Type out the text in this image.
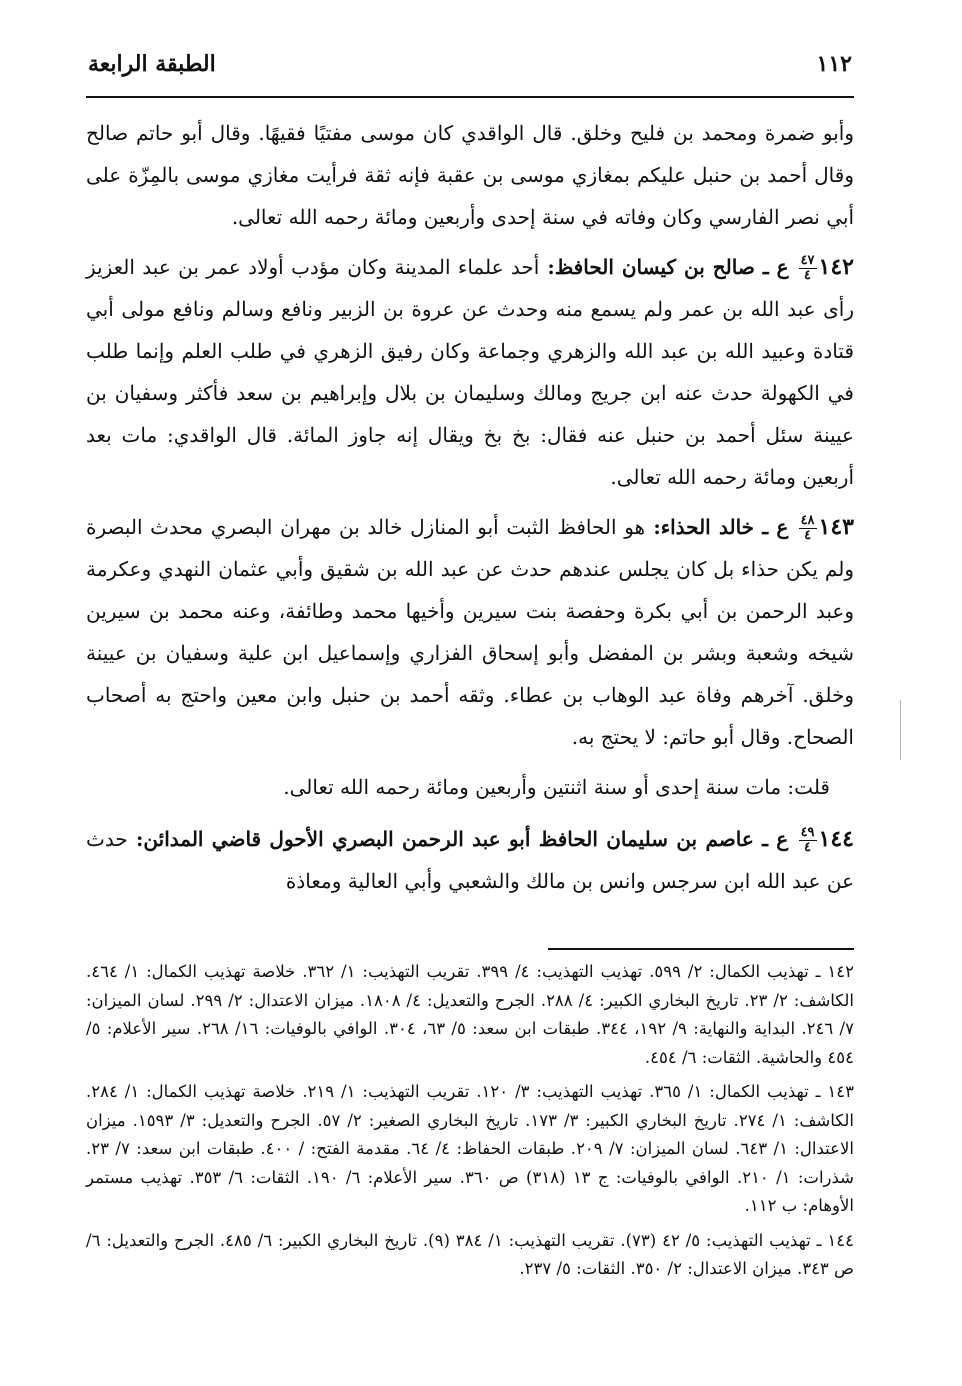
١١٢
الطبقة الرابعة

وأبو ضمرة ومحمد بن فليح وخلق. قال الواقدي كان موسى مفتيًا فقيهًا. وقال أبو حاتم صالح وقال أحمد بن حنبل عليكم بمغازي موسى بن عقبة فإنه ثقة فرأيت مغازي موسى بالمِزّة على أبي نصر الفارسي وكان وفاته في سنة إحدى وأربعين ومائة رحمه الله تعالى.

١٤٢
$\frac{٤٧}{٤}$
ع ـ صالح بن كيسان الحافظ: أحد علماء المدينة وكان مؤدب أولاد عمر بن عبد العزيز رأى عبد الله بن عمر ولم يسمع منه وحدث عن عروة بن الزبير ونافع وسالم ونافع مولى أبي قتادة وعبيد الله بن عبد الله والزهري وجماعة وكان رفيق الزهري في طلب العلم وإنما طلب في الكهولة حدث عنه ابن جريج ومالك وسليمان بن بلال وإبراهيم بن سعد فأكثر وسفيان بن عيينة سئل أحمد بن حنبل عنه فقال: بخ بخ ويقال إنه جاوز المائة. قال الواقدي: مات بعد أربعين ومائة رحمه الله تعالى.

١٤٣
$\frac{٤٨}{٤}$
ع ـ خالد الحذاء: هو الحافظ الثبت أبو المنازل خالد بن مهران البصري محدث البصرة ولم يكن حذاء بل كان يجلس عندهم حدث عن عبد الله بن شقيق وأبي عثمان النهدي وعكرمة وعبد الرحمن بن أبي بكرة وحفصة بنت سيرين وأخيها محمد وطائفة، وعنه محمد بن سيرين شيخه وشعبة وبشر بن المفضل وأبو إسحاق الفزاري وإسماعيل ابن علية وسفيان بن عيينة وخلق. آخرهم وفاة عبد الوهاب بن عطاء. وثقه أحمد بن حنبل وابن معين واحتج به أصحاب الصحاح. وقال أبو حاتم: لا يحتج به.

قلت: مات سنة إحدى أو سنة اثنتين وأربعين ومائة رحمه الله تعالى.

١٤٤
$\frac{٤٩}{٤}$
ع ـ عاصم بن سليمان الحافظ أبو عبد الرحمن البصري الأحول قاضي المدائن: حدث عن عبد الله ابن سرجس وانس بن مالك والشعبي وأبي العالية ومعاذة

١٤٢ ـ تهذيب الكمال: ٢/ ٥٩٩. تهذيب التهذيب: ٤/ ٣٩٩. تقريب التهذيب: ١/ ٣٦٢. خلاصة تهذيب الكمال: ١/ ٤٦٤. الكاشف: ٢/ ٢٣. تاريخ البخاري الكبير: ٤/ ٢٨٨. الجرح والتعديل: ٤/ ١٨٠٨. ميزان الاعتدال: ٢/ ٢٩٩. لسان الميزان: ٧/ ٢٤٦. البداية والنهاية: ٩/ ١٩٢، ٣٤٤. طبقات ابن سعد: ٥/ ٦٣، ٣٠٤. الوافي بالوفيات: ١٦/ ٢٦٨. سير الأعلام: ٥/ ٤٥٤ والحاشية. الثقات: ٦/ ٤٥٤.

١٤٣ ـ تهذيب الكمال: ١/ ٣٦٥. تهذيب التهذيب: ٣/ ١٢٠. تقريب التهذيب: ١/ ٢١٩. خلاصة تهذيب الكمال: ١/ ٢٨٤. الكاشف: ١/ ٢٧٤. تاريخ البخاري الكبير: ٣/ ١٧٣. تاريخ البخاري الصغير: ٢/ ٥٧. الجرح والتعديل: ٣/ ١٥٩٣. ميزان الاعتدال: ١/ ٦٤٣. لسان الميزان: ٧/ ٢٠٩. طبقات الحفاظ: ٤/ ٦٤. مقدمة الفتح: / ٤٠٠. طبقات ابن سعد: ٧/ ٢٣. شذرات: ١/ ٢١٠. الوافي بالوفيات: ج ١٣ (٣١٨) ص ٣٦٠. سير الأعلام: ٦/ ١٩٠. الثقات: ٦/ ٣٥٣. تهذيب مستمر الأوهام: ب ١١٢.

١٤٤ ـ تهذيب التهذيب: ٥/ ٤٢ (٧٣). تقريب التهذيب: ١/ ٣٨٤ (٩). تاريخ البخاري الكبير: ٦/ ٤٨٥. الجرح والتعديل: ٦/ ص ٣٤٣. ميزان الاعتدال: ٢/ ٣٥٠. الثقات: ٥/ ٢٣٧.
